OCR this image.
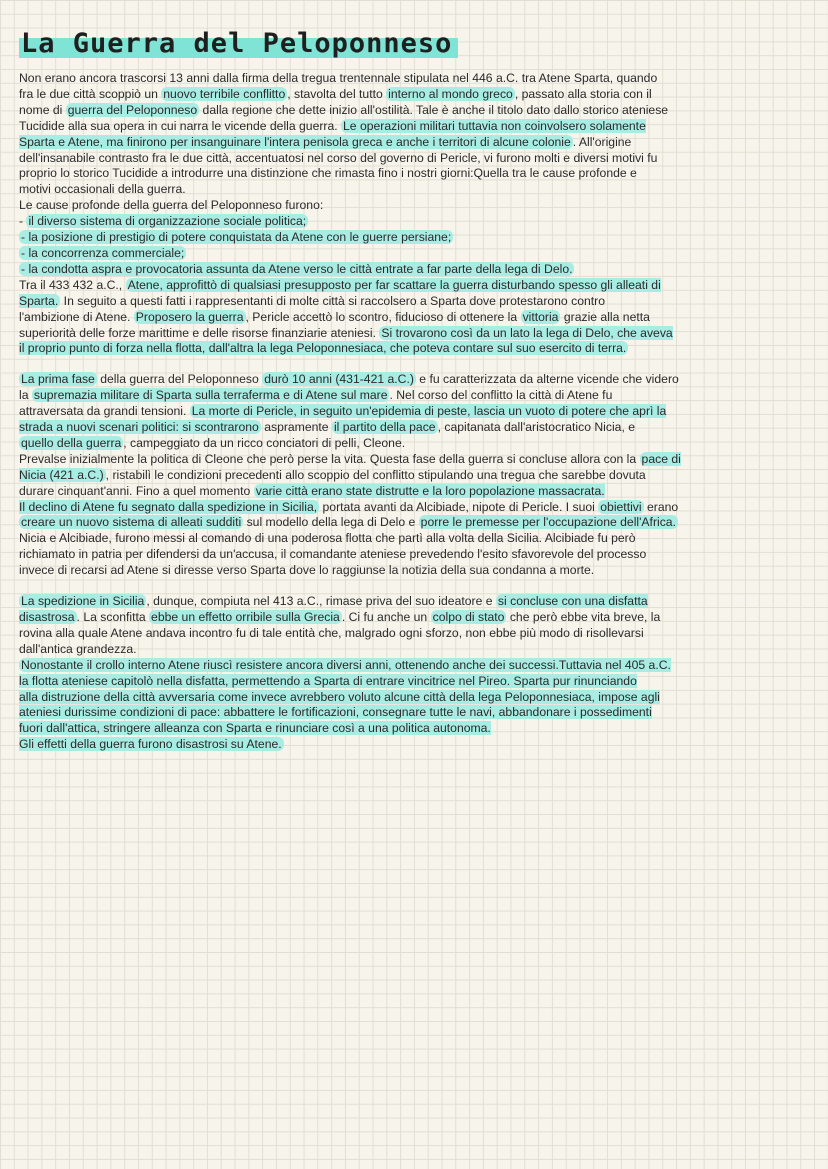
La Guerra del Peloponneso

Non erano ancora trascorsi 13 anni dalla firma della tregua trentennale stipulata nel 446 a.C. tra Atene Sparta, quando
fra le due città scoppiò un nuovo terribile conflitto , stavolta del tutto interno al mondo greco , passato alla storia con il
nome di guerra del Peloponneso dalla regione che dette inizio all'ostilità. Tale è anche il titolo dato dallo storico ateniese
Tucidide alla sua opera in cui narra le vicende della guerra. Le operazioni militari tuttavia non coinvolsero solamente
Sparta e Atene, ma finirono per insanguinare l'intera penisola greca e anche i territori di alcune colonie . All'origine
dell'insanabile contrasto fra le due città, accentuatosi nel corso del governo di Pericle, vi furono molti e diversi motivi fu
proprio lo storico Tucidide a introdurre una distinzione che rimasta fino i nostri giorni:Quella tra le cause profonde e
motivi occasionali della guerra.
Le cause profonde della guerra del Peloponneso furono:
- il diverso sistema di organizzazione sociale politica;
- la posizione di prestigio di potere conquistata da Atene con le guerre persiane;
- la concorrenza commerciale;
- la condotta aspra e provocatoria assunta da Atene verso le città entrate a far parte della lega di Delo.
Tra il 433 432 a.C., Atene, approfittò di qualsiasi presupposto per far scattare la guerra disturbando spesso gli alleati di
Sparta. In seguito a questi fatti i rappresentanti di molte città si raccolsero a Sparta dove protestarono contro
l'ambizione di Atene. Proposero la guerra , Pericle accettò lo scontro, fiducioso di ottenere la vittoria grazie alla netta
superiorità delle forze marittime e delle risorse finanziarie ateniesi. Si trovarono così da un lato la lega di Delo, che aveva
il proprio punto di forza nella flotta, dall'altra la lega Peloponnesiaca, che poteva contare sul suo esercito di terra.

La prima fase della guerra del Peloponneso durò 10 anni (431-421 a.C.) e fu caratterizzata da alterne vicende che videro
la supremazia militare di Sparta sulla terraferma e di Atene sul mare . Nel corso del conflitto la città di Atene fu
attraversata da grandi tensioni. La morte di Pericle, in seguito un'epidemia di peste, lascia un vuoto di potere che aprì la
strada a nuovi scenari politici: si scontrarono aspramente il partito della pace , capitanata dall'aristocratico Nicia, e
quello della guerra , campeggiato da un ricco conciatori di pelli, Cleone.
Prevalse inizialmente la politica di Cleone che però perse la vita. Questa fase della guerra si concluse allora con la pace di
Nicia (421 a.C.) , ristabilì le condizioni precedenti allo scoppio del conflitto stipulando una tregua che sarebbe dovuta
durare cinquant'anni. Fino a quel momento varie città erano state distrutte e la loro popolazione massacrata.
Il declino di Atene fu segnato dalla spedizione in Sicilia, portata avanti da Alcibiade, nipote di Pericle. I suoi obiettivi erano
creare un nuovo sistema di alleati sudditi sul modello della lega di Delo e porre le premesse per l'occupazione dell'Africa.
Nicia e Alcibiade, furono messi al comando di una poderosa flotta che partì alla volta della Sicilia. Alcibiade fu però
richiamato in patria per difendersi da un'accusa, il comandante ateniese prevedendo l'esito sfavorevole del processo
invece di recarsi ad Atene si diresse verso Sparta dove lo raggiunse la notizia della sua condanna a morte.

La spedizione in Sicilia , dunque, compiuta nel 413 a.C., rimase priva del suo ideatore e si concluse con una disfatta
disastrosa . La sconfitta ebbe un effetto orribile sulla Grecia . Ci fu anche un colpo di stato che però ebbe vita breve, la
rovina alla quale Atene andava incontro fu di tale entità che, malgrado ogni sforzo, non ebbe più modo di risollevarsi
dall'antica grandezza.
Nonostante il crollo interno Atene riuscì resistere ancora diversi anni, ottenendo anche dei successi.Tuttavia nel 405 a.C.
la flotta ateniese capitolò nella disfatta, permettendo a Sparta di entrare vincitrice nel Pireo. Sparta pur rinunciando
alla distruzione della città avversaria come invece avrebbero voluto alcune città della lega Peloponnesiaca, impose agli
ateniesi durissime condizioni di pace: abbattere le fortificazioni, consegnare tutte le navi, abbandonare i possedimenti
fuori dall'attica, stringere alleanza con Sparta e rinunciare così a una politica autonoma.
Gli effetti della guerra furono disastrosi su Atene.
